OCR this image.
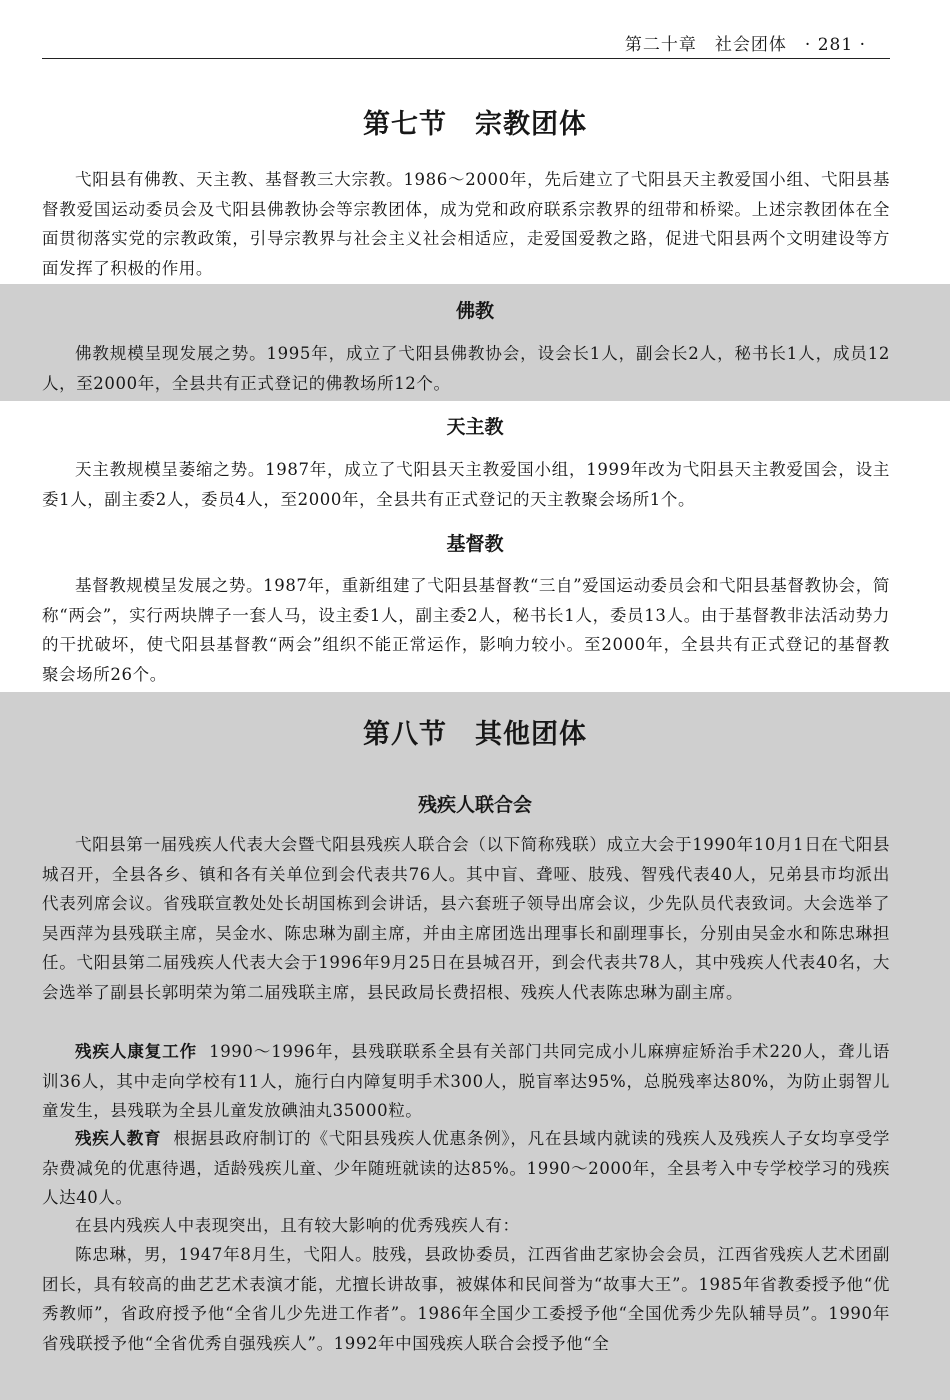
第二十章　社会团体　· 281 ·
第七节　宗教团体

弋阳县有佛教、天主教、基督教三大宗教。1986～2000年，先后建立了弋阳县天主教爱国小组、弋阳县基督教爱国运动委员会及弋阳县佛教协会等宗教团体，成为党和政府联系宗教界的纽带和桥梁。上述宗教团体在全面贯彻落实党的宗教政策，引导宗教界与社会主义社会相适应，走爱国爱教之路，促进弋阳县两个文明建设等方面发挥了积极的作用。

佛教

佛教规模呈现发展之势。1995年，成立了弋阳县佛教协会，设会长1人，副会长2人，秘书长1人，成员12人，至2000年，全县共有正式登记的佛教场所12个。

天主教

天主教规模呈萎缩之势。1987年，成立了弋阳县天主教爱国小组，1999年改为弋阳县天主教爱国会，设主委1人，副主委2人，委员4人，至2000年，全县共有正式登记的天主教聚会场所1个。

基督教

基督教规模呈发展之势。1987年，重新组建了弋阳县基督教“三自”爱国运动委员会和弋阳县基督教协会，简称“两会”，实行两块牌子一套人马，设主委1人，副主委2人，秘书长1人，委员13人。由于基督教非法活动势力的干扰破坏，使弋阳县基督教“两会”组织不能正常运作，影响力较小。至2000年，全县共有正式登记的基督教聚会场所26个。

第八节　其他团体
残疾人联合会

弋阳县第一届残疾人代表大会暨弋阳县残疾人联合会（以下简称残联）成立大会于1990年10月1日在弋阳县城召开，全县各乡、镇和各有关单位到会代表共76人。其中盲、聋哑、肢残、智残代表40人，兄弟县市均派出代表列席会议。省残联宣教处处长胡国栋到会讲话，县六套班子领导出席会议，少先队员代表致词。大会选举了吴西萍为县残联主席，吴金水、陈忠琳为副主席，并由主席团选出理事长和副理事长，分别由吴金水和陈忠琳担任。弋阳县第二届残疾人代表大会于1996年9月25日在县城召开，到会代表共78人，其中残疾人代表40名，大会选举了副县长郭明荣为第二届残联主席，县民政局长费招根、残疾人代表陈忠琳为副主席。

残疾人康复工作 1990～1996年，县残联联系全县有关部门共同完成小儿麻痹症矫治手术220人，聋儿语训36人，其中走向学校有11人，施行白内障复明手术300人，脱盲率达95%，总脱残率达80%，为防止弱智儿童发生，县残联为全县儿童发放碘油丸35000粒。

残疾人教育 根据县政府制订的《弋阳县残疾人优惠条例》，凡在县域内就读的残疾人及残疾人子女均享受学杂费减免的优惠待遇，适龄残疾儿童、少年随班就读的达85%。1990～2000年，全县考入中专学校学习的残疾人达40人。

在县内残疾人中表现突出，且有较大影响的优秀残疾人有：

陈忠琳，男，1947年8月生，弋阳人。肢残，县政协委员，江西省曲艺家协会会员，江西省残疾人艺术团副团长，具有较高的曲艺艺术表演才能，尤擅长讲故事，被媒体和民间誉为“故事大王”。1985年省教委授予他“优秀教师”，省政府授予他“全省儿少先进工作者”。1986年全国少工委授予他“全国优秀少先队辅导员”。1990年省残联授予他“全省优秀自强残疾人”。1992年中国残疾人联合会授予他“全
